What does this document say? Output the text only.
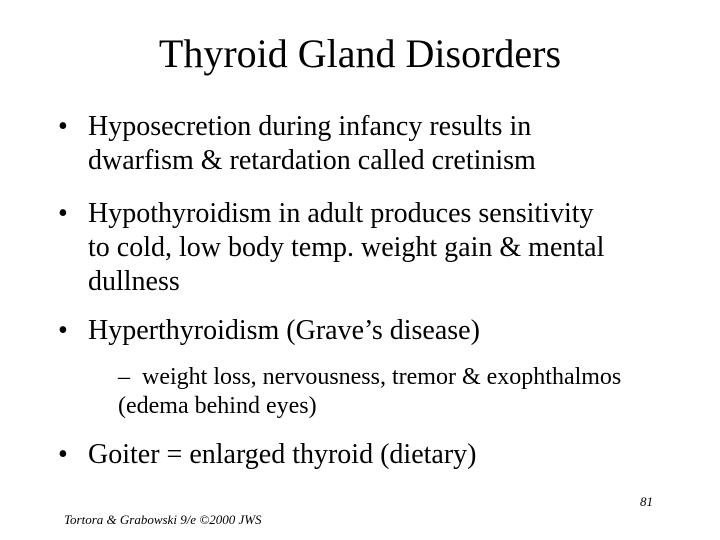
Thyroid Gland Disorders
• Hyposecretion during infancy results in
dwarfism & retardation called cretinism
• Hypothyroidism in adult produces sensitivity
to cold, low body temp. weight gain & mental
dullness
• Hyperthyroidism (Grave’s disease)
• Goiter = enlarged thyroid (dietary)
– weight loss, nervousness, tremor & exophthalmos
(edema behind eyes)
81
Tortora & Grabowski 9/e ©2000 JWS
